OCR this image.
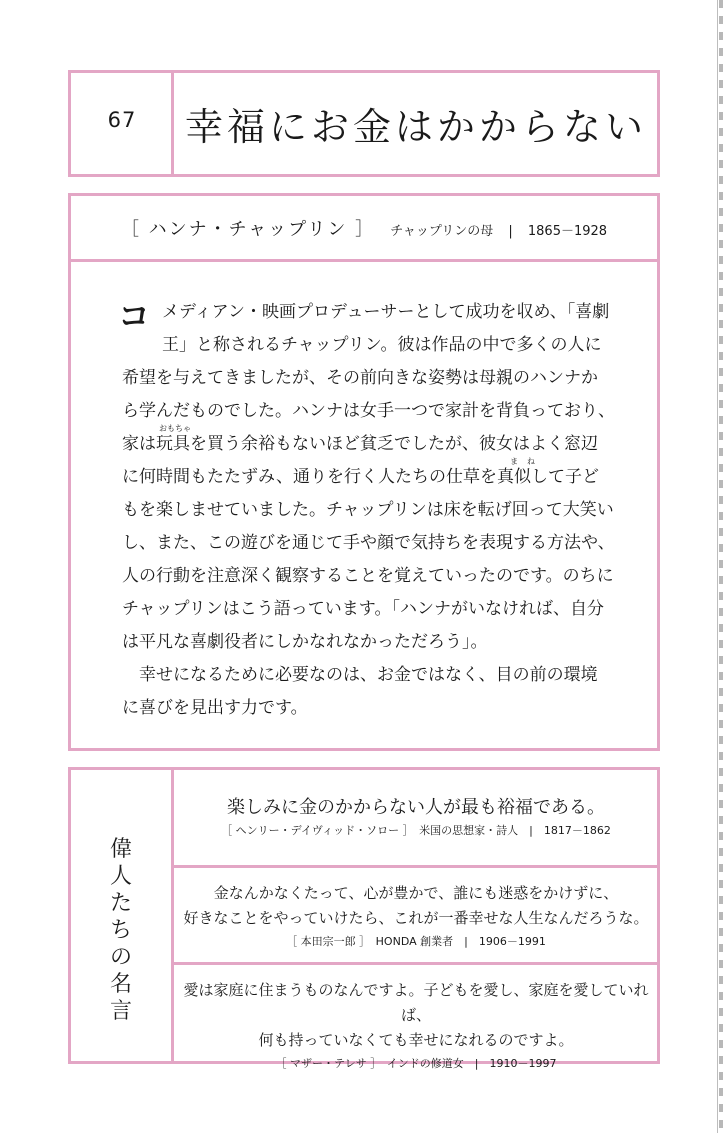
67	幸福にお金はかからない
［ ハンナ・チャップリン ］ チャップリンの母 | 1865－1928
コ メディアン・映画プロデューサーとして成功を収め、「喜劇

王」と称されるチャップリン。彼は作品の中で多くの人に

希望を与えてきましたが、その前向きな姿勢は母親のハンナか

ら学んだものでした。ハンナは女手一つで家計を背負っており、

家は玩具を買う余裕もないほど貧乏でしたが、彼女はよく窓辺

に何時間もたたずみ、通りを行く人たちの仕草を真似して子ど

もを楽しませていました。チャップリンは床を転げ回って大笑い

し、また、この遊びを通じて手や顔で気持ちを表現する方法や、

人の行動を注意深く観察することを覚えていったのです。のちに

チャップリンはこう語っています。「ハンナがいなければ、自分

は平凡な喜劇役者にしかなれなかっただろう」。

　幸せになるために必要なのは、お金ではなく、目の前の環境

に喜びを見出す力です。

おもちゃ
ま ね
偉人たちの名言
楽しみに金のかからない人が最も裕福である。
［ ヘンリー・デイヴィッド・ソロー ］　米国の思想家・詩人　|　1817－1862
金なんかなくたって、心が豊かで、誰にも迷惑をかけずに、
好きなことをやっていけたら、これが一番幸せな人生なんだろうな。
［ 本田宗一郎 ］　HONDA 創業者　|　1906－1991
愛は家庭に住まうものなんですよ。子どもを愛し、家庭を愛していれば、
何も持っていなくても幸せになれるのですよ。
［ マザー・テレサ ］　インドの修道女　|　1910－1997
